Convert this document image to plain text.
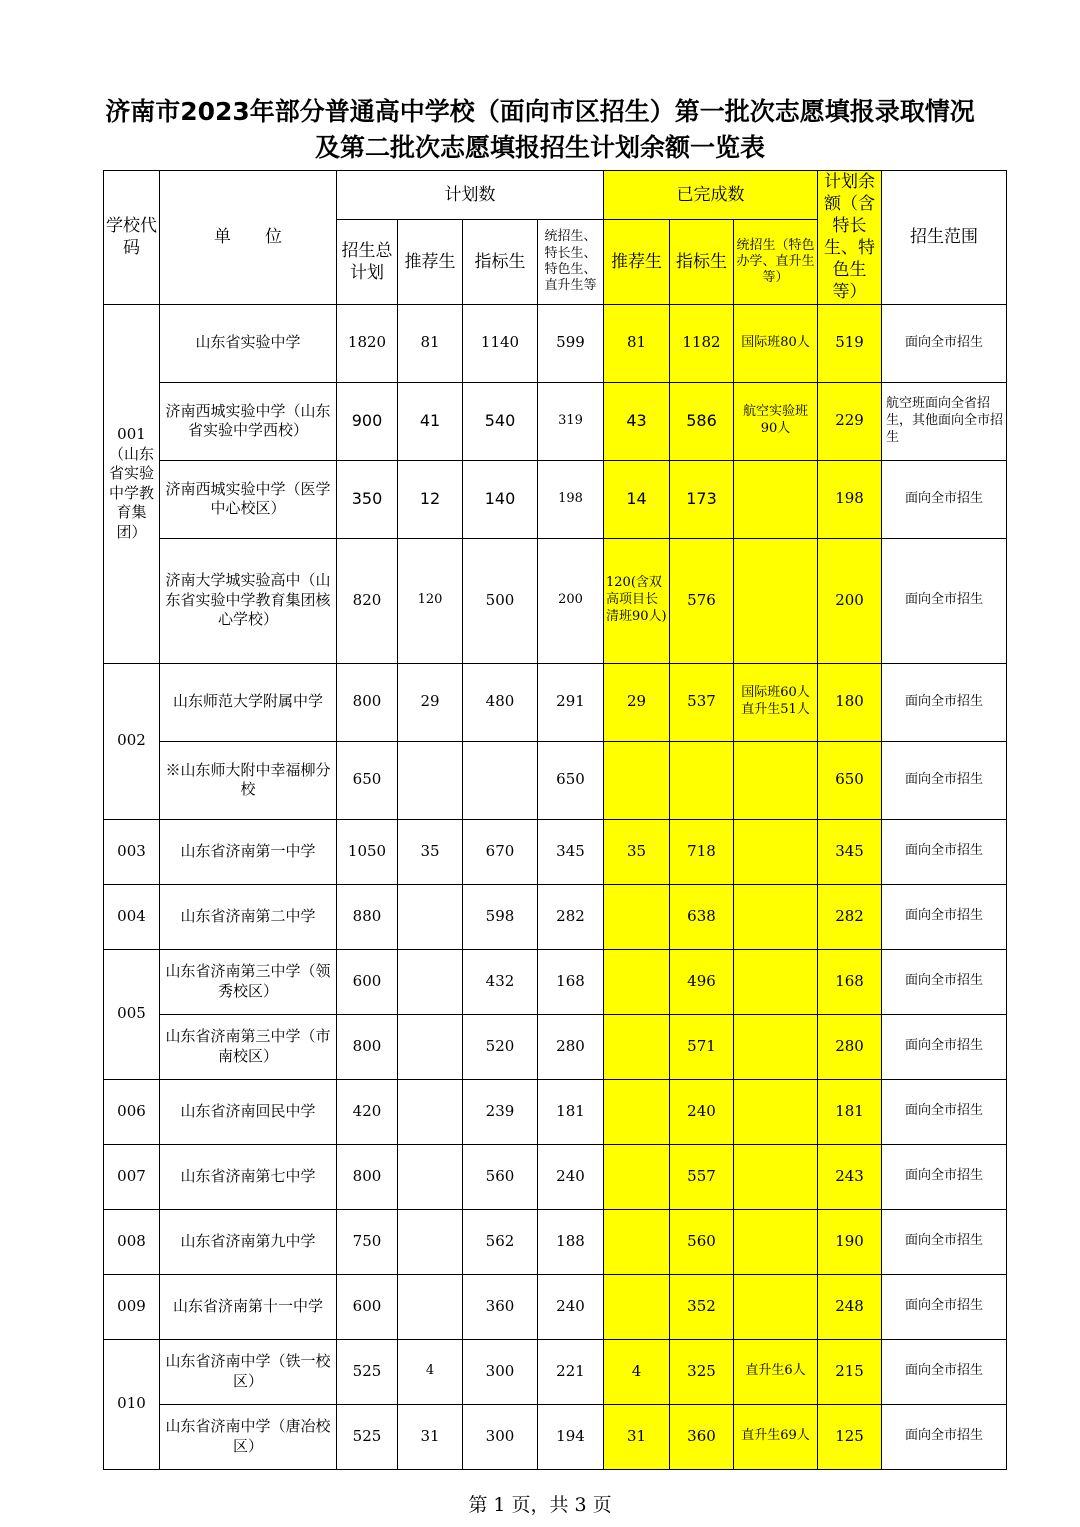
济南市2023年部分普通高中学校（面向市区招生）第一批次志愿填报录取情况
及第二批次志愿填报招生计划余额一览表
学校代码	单　　位	计划数				已完成数			计划余额（含特长生、特色生等）	招生范围
		招生总计划	推荐生	指标生	统招生、特长生、特色生、直升生等	推荐生	指标生	统招生（特色办学、直升生等）		
001（山东省实验中学教育集团）	山东省实验中学	1820	81	1140	599	81	1182	国际班80人	519	面向全市招生
	济南西城实验中学（山东省实验中学西校）	900	41	540	319	43	586	航空实验班90人	229	航空班面向全省招生，其他面向全市招生
	济南西城实验中学（医学中心校区）	350	12	140	198	14	173		198	面向全市招生
	济南大学城实验高中（山东省实验中学教育集团核心学校）	820	120	500	200	120(含双高项目长清班90人)	576		200	面向全市招生
002	山东师范大学附属中学	800	29	480	291	29	537	国际班60人直升生51人	180	面向全市招生
	※山东师大附中幸福柳分校	650			650				650	面向全市招生
003	山东省济南第一中学	1050	35	670	345	35	718		345	面向全市招生
004	山东省济南第二中学	880		598	282		638		282	面向全市招生
005	山东省济南第三中学（领秀校区）	600		432	168		496		168	面向全市招生
	山东省济南第三中学（市南校区）	800		520	280		571		280	面向全市招生
006	山东省济南回民中学	420		239	181		240		181	面向全市招生
007	山东省济南第七中学	800		560	240		557		243	面向全市招生
008	山东省济南第九中学	750		562	188		560		190	面向全市招生
009	山东省济南第十一中学	600		360	240		352		248	面向全市招生
010	山东省济南中学（铁一校区）	525	4	300	221	4	325	直升生6人	215	面向全市招生
	山东省济南中学（唐冶校区）	525	31	300	194	31	360	直升生69人	125	面向全市招生
第 1 页，共 3 页
